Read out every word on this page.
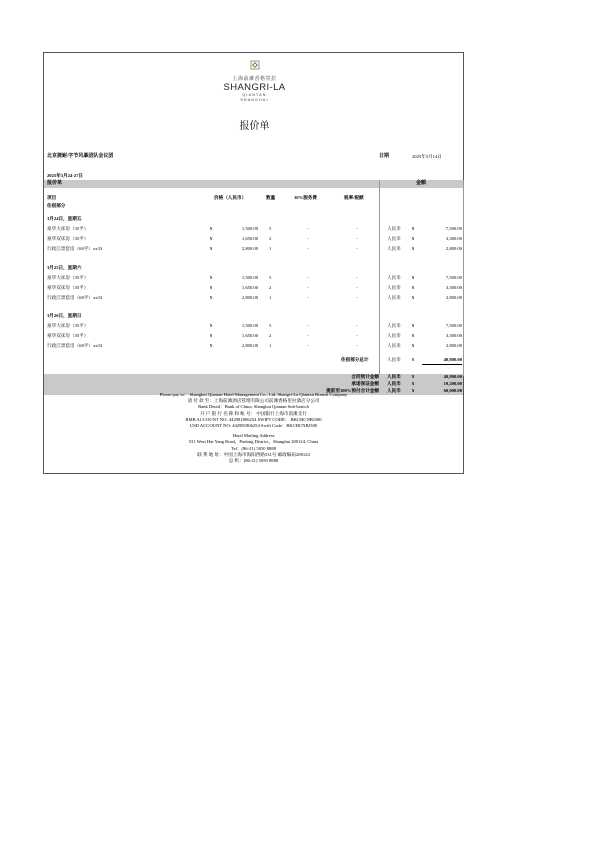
上海前滩香格里拉
SHANGRI-LA
QIANTAN
SHANGHAI
报价单
北京捷耐/字节风暴团队会议团	日期	2025年3月14日
2025年3月24-27日
报价单	金额
项目	价格（人民币）	数量	10%服务费	税率/税额
住宿部分
3月24日，星期五
豪华大床房（35平）	¥	1,500.00 5	-	-	人民币 ¥	7,500.00
豪华双床房（35平）	¥	1,650.00 2	-	-	人民币 ¥	3,300.00
行政江景套房（68平）xx33	¥	2,800.00 1	-	-	人民币 ¥	2,800.00
3月25日，星期六
豪华大床房（35平）	¥	1,500.00 5	-	-	人民币 ¥	7,500.00
豪华双床房（35平）	¥	1,650.00 2	-	-	人民币 ¥	3,300.00
行政江景套房（68平）xx33	¥	2,800.00 1	-	-	人民币 ¥	2,800.00
3月26日，星期日
豪华大床房（35平）	¥	1,500.00 5	-	-	人民币 ¥	7,500.00
豪华双床房（35平）	¥	1,650.00 2	-	-	人民币 ¥	3,300.00
行政江景套房（68平）xx33	¥	2,800.00 1	-	-	人民币 ¥	2,800.00
住宿部分总计	人民币 ¥	40,800.00
合同预计金额 人民币	¥	40,800.00
承诺保证金额 人民币	¥	19,200.00
提前至100%预付合计金额 人民币	¥	60,000.00
Please pay to： Shanghai Qiantan Hotel Management Co., Ltd. Shangri-La Qiantan Branch Company
请 付 款 至：上海前滩酒店管理有限公司前滩香格里拉酒店分公司
Bank Detail：Bank of China, Shanghai Qiantan Sub-branch
开 户 银 行 名 称 和 帐 号： 中国银行上海市前滩支行
RMB ACCOUNT NO: 442981806254 SWIFT CODE： BKCHCNBJ300
USD ACCOUNT NO: 442981806254 Swift Code：BKCHCNBJ300
Hotel Mailing Address
531 West Hai Yang Road，Pudong District，Shanghai 200124, China
Tel：(86-21) 5050 8888
联 系 地 址：中国上海市海阳西路531号 邮政编码200124
总 机：(86-21) 5050 8888
